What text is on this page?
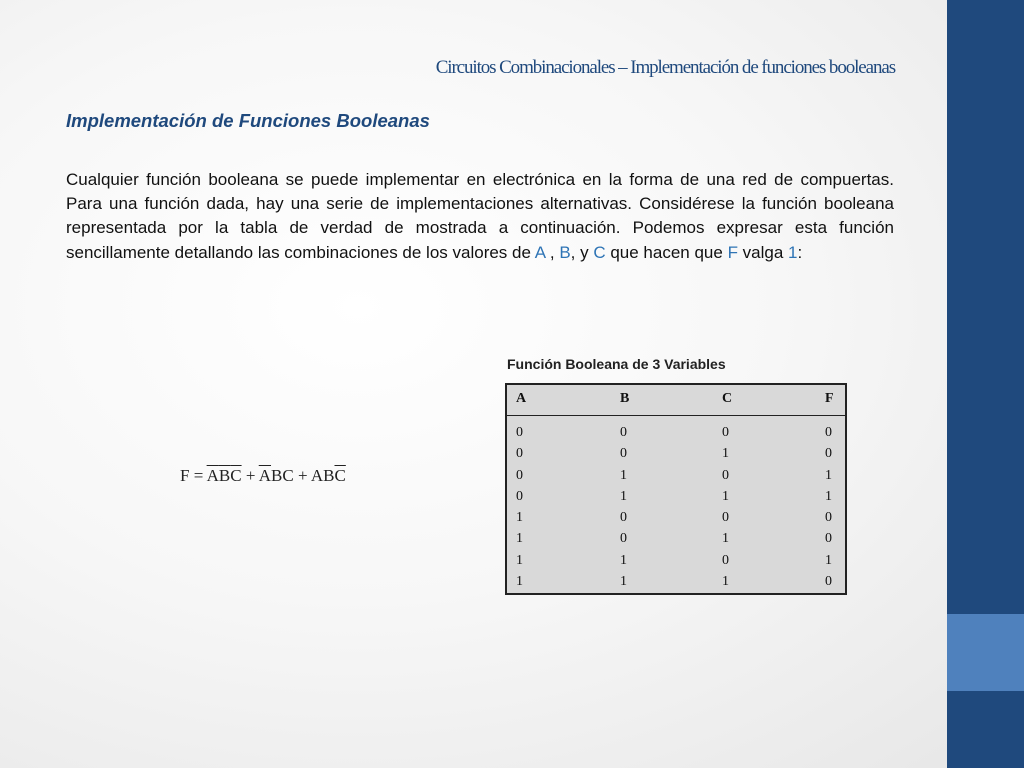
Circuitos Combinacionales – Implementación de funciones booleanas
Implementación de Funciones Booleanas
Cualquier función booleana se puede implementar en electrónica en la forma de una red de compuertas. Para una función dada, hay una serie de implementaciones alternativas. Considérese la función booleana representada por la tabla de verdad de mostrada a continuación. Podemos expresar esta función sencillamente detallando las combinaciones de los valores de A , B, y C que hacen que F valga 1:
$F = \overline{A}\overline{B}\overline{C} + \overline{A}BC + AB\overline{C}$
Función Booleana de 3 Variables
A	B	C	F
0	0	0	0
0	0	1	0
0	1	0	1
0	1	1	1
1	0	0	0
1	0	1	0
1	1	0	1
1	1	1	0
